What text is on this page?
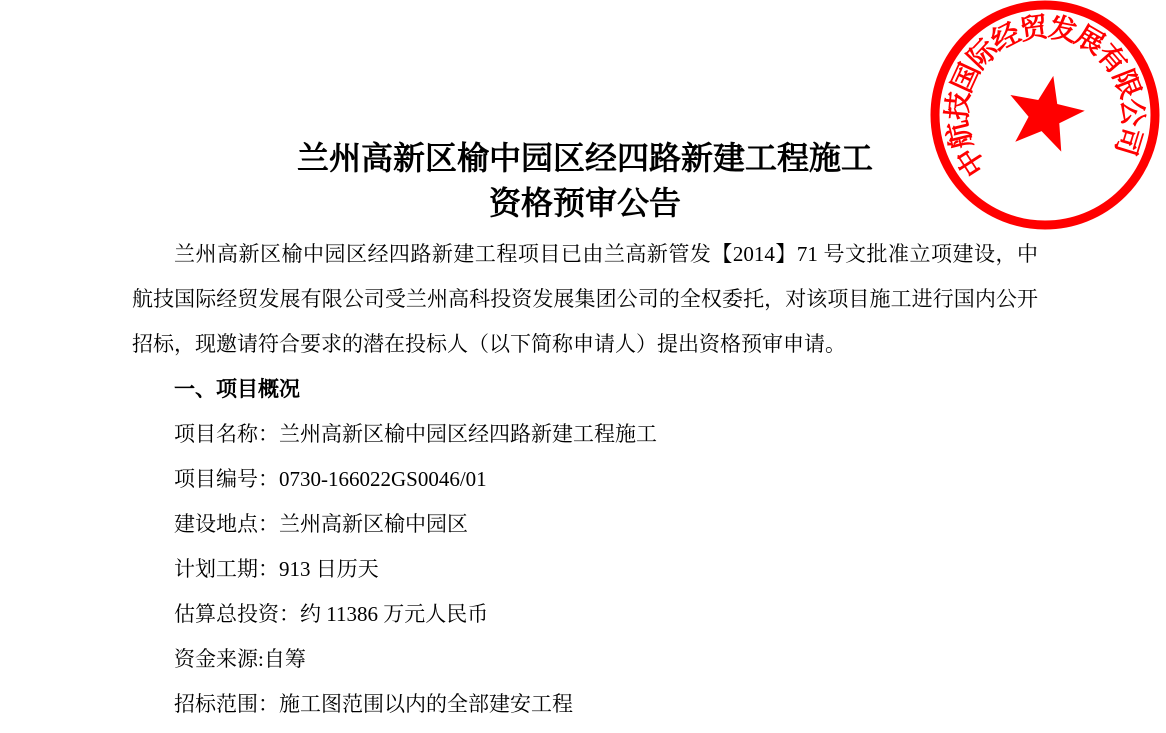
中航技国际经贸发展有限公司
兰州高新区榆中园区经四路新建工程施工
资格预审公告

兰州高新区榆中园区经四路新建工程项目已由兰高新管发【2014】71 号文批准立项建设，中航技国际经贸发展有限公司受兰州高科投资发展集团公司的全权委托，对该项目施工进行国内公开招标，现邀请符合要求的潜在投标人（以下简称申请人）提出资格预审申请。

一、项目概况
项目名称：兰州高新区榆中园区经四路新建工程施工
项目编号：0730-166022GS0046/01
建设地点：兰州高新区榆中园区
计划工期：913 日历天
估算总投资：约 11386 万元人民币
资金来源:自筹
招标范围：施工图范围以内的全部建安工程
